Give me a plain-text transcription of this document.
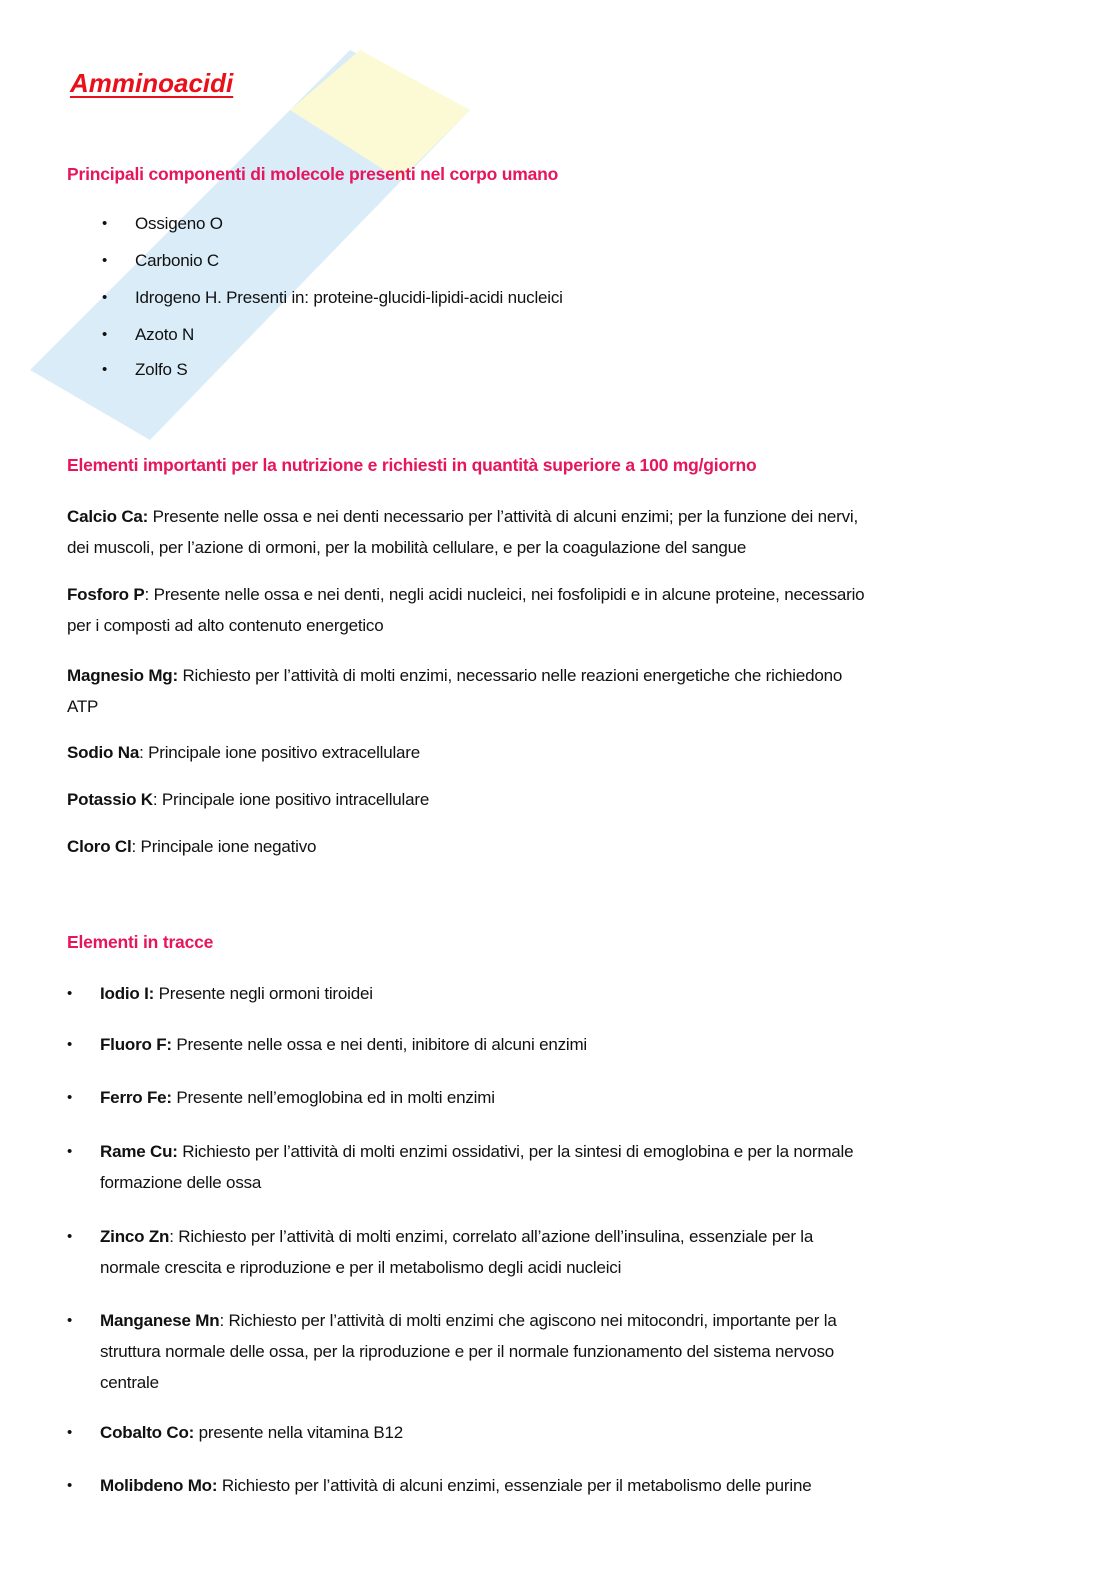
Amminoacidi
Principali componenti di molecole presenti nel corpo umano
• Ossigeno O
• Carbonio C
• Idrogeno H. Presenti in: proteine-glucidi-lipidi-acidi nucleici
• Azoto N
• Zolfo S
Elementi importanti per la nutrizione e richiesti in quantità superiore a 100 mg/giorno
Calcio Ca: Presente nelle ossa e nei denti necessario per l’attività di alcuni enzimi; per la funzione dei nervi,
dei muscoli, per l’azione di ormoni, per la mobilità cellulare, e per la coagulazione del sangue
Fosforo P: Presente nelle ossa e nei denti, negli acidi nucleici, nei fosfolipidi e in alcune proteine, necessario
per i composti ad alto contenuto energetico
Magnesio Mg: Richiesto per l’attività di molti enzimi, necessario nelle reazioni energetiche che richiedono
ATP
Sodio Na: Principale ione positivo extracellulare
Potassio K: Principale ione positivo intracellulare
Cloro Cl: Principale ione negativo
Elementi in tracce
• Iodio I: Presente negli ormoni tiroidei
• Fluoro F: Presente nelle ossa e nei denti, inibitore di alcuni enzimi
• Ferro Fe: Presente nell’emoglobina ed in molti enzimi
• Rame Cu: Richiesto per l’attività di molti enzimi ossidativi, per la sintesi di emoglobina e per la normale
formazione delle ossa
• Zinco Zn: Richiesto per l’attività di molti enzimi, correlato all’azione dell’insulina, essenziale per la
normale crescita e riproduzione e per il metabolismo degli acidi nucleici
• Manganese Mn: Richiesto per l’attività di molti enzimi che agiscono nei mitocondri, importante per la
struttura normale delle ossa, per la riproduzione e per il normale funzionamento del sistema nervoso
centrale
• Cobalto Co: presente nella vitamina B12
• Molibdeno Mo: Richiesto per l’attività di alcuni enzimi, essenziale per il metabolismo delle purine
